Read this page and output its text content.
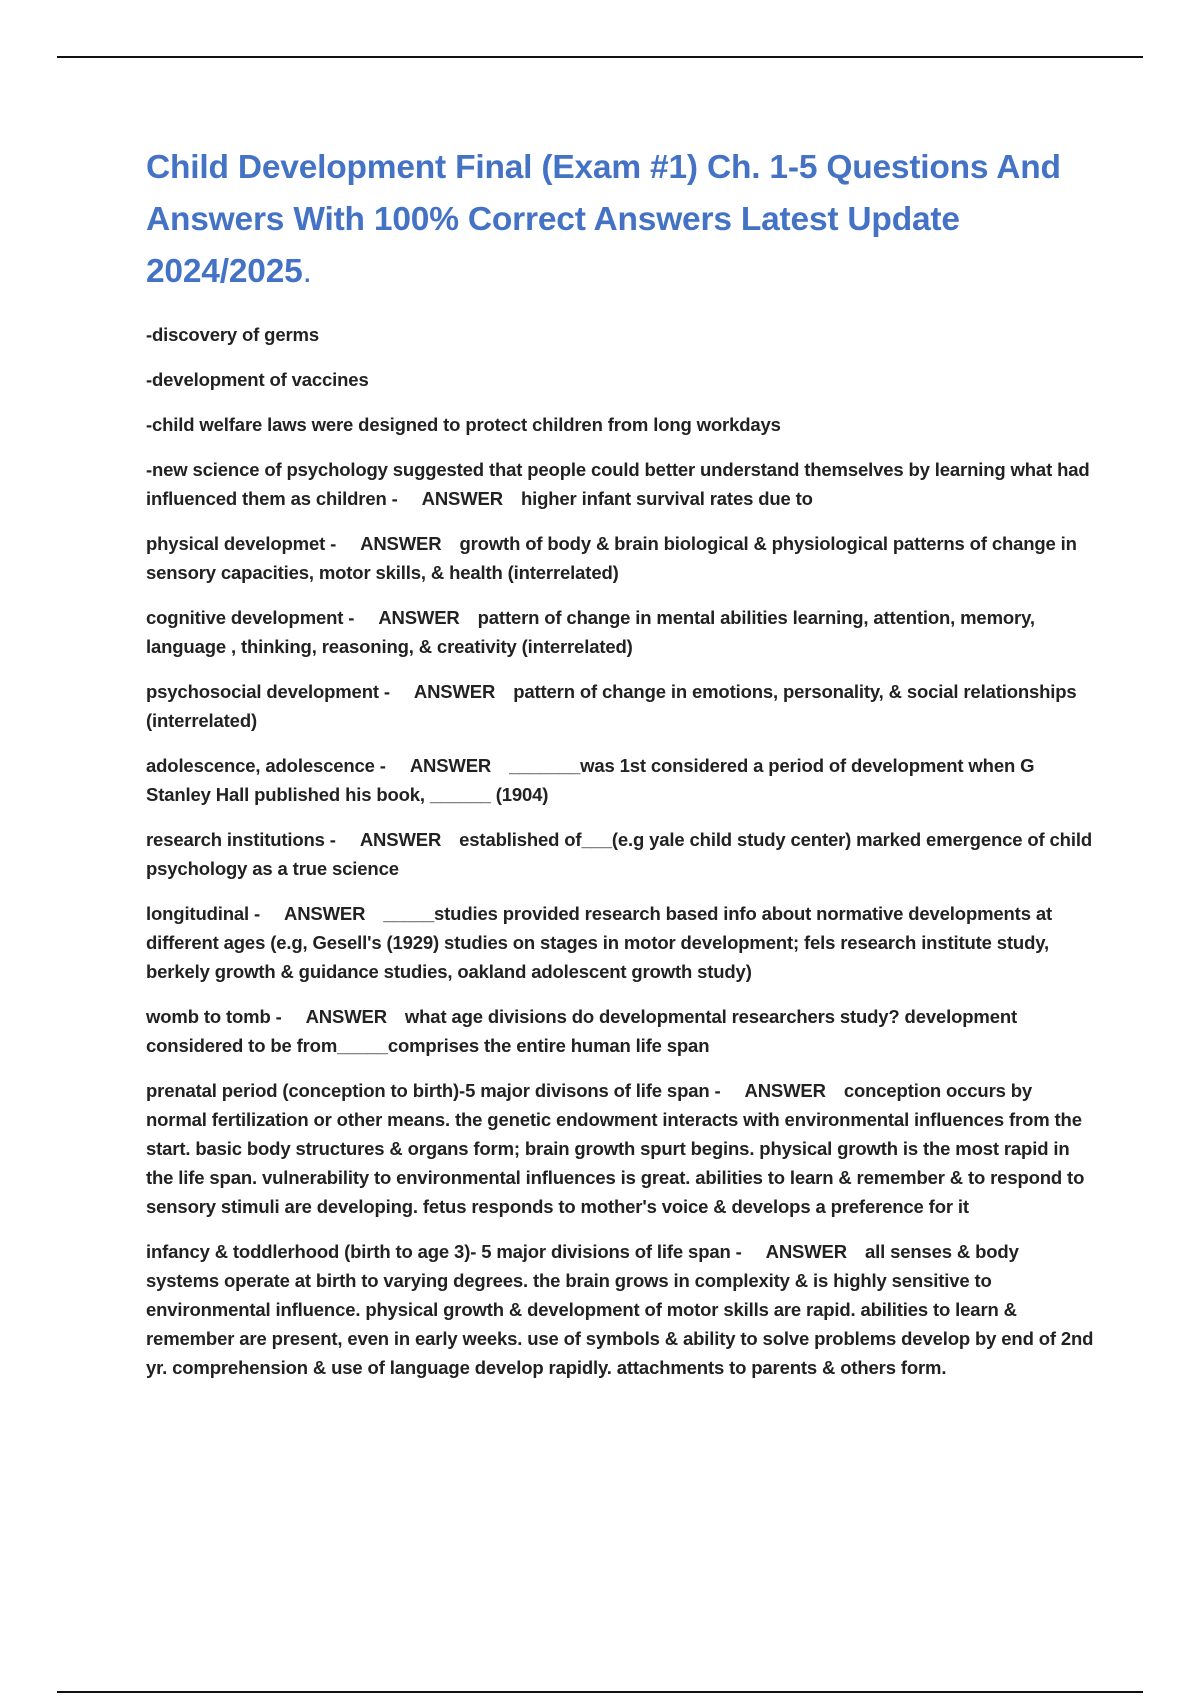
Child Development Final (Exam #1) Ch. 1-5 Questions And Answers With 100% Correct Answers Latest Update 2024/2025.

-discovery of germs

-development of vaccines

-child welfare laws were designed to protect children from long workdays

-new science of psychology suggested that people could better understand themselves by learning what had influenced them as children - ANSWER higher infant survival rates due to

physical developmet - ANSWER growth of body & brain biological & physiological patterns of change in sensory capacities, motor skills, & health (interrelated)

cognitive development - ANSWER pattern of change in mental abilities learning, attention, memory, language , thinking, reasoning, & creativity (interrelated)

psychosocial development - ANSWER pattern of change in emotions, personality, & social relationships (interrelated)

adolescence, adolescence - ANSWER _______was 1st considered a period of development when G Stanley Hall published his book, ______ (1904)

research institutions - ANSWER established of___(e.g yale child study center) marked emergence of child psychology as a true science

longitudinal - ANSWER _____studies provided research based info about normative developments at different ages (e.g, Gesell's (1929) studies on stages in motor development; fels research institute study, berkely growth & guidance studies, oakland adolescent growth study)

womb to tomb - ANSWER what age divisions do developmental researchers study? development considered to be from_____comprises the entire human life span

prenatal period (conception to birth)-5 major divisons of life span - ANSWER conception occurs by normal fertilization or other means. the genetic endowment interacts with environmental influences from the start. basic body structures & organs form; brain growth spurt begins. physical growth is the most rapid in the life span. vulnerability to environmental influences is great. abilities to learn & remember & to respond to sensory stimuli are developing. fetus responds to mother's voice & develops a preference for it

infancy & toddlerhood (birth to age 3)- 5 major divisions of life span - ANSWER all senses & body systems operate at birth to varying degrees. the brain grows in complexity & is highly sensitive to environmental influence. physical growth & development of motor skills are rapid. abilities to learn & remember are present, even in early weeks. use of symbols & ability to solve problems develop by end of 2nd yr. comprehension & use of language develop rapidly. attachments to parents & others form.
